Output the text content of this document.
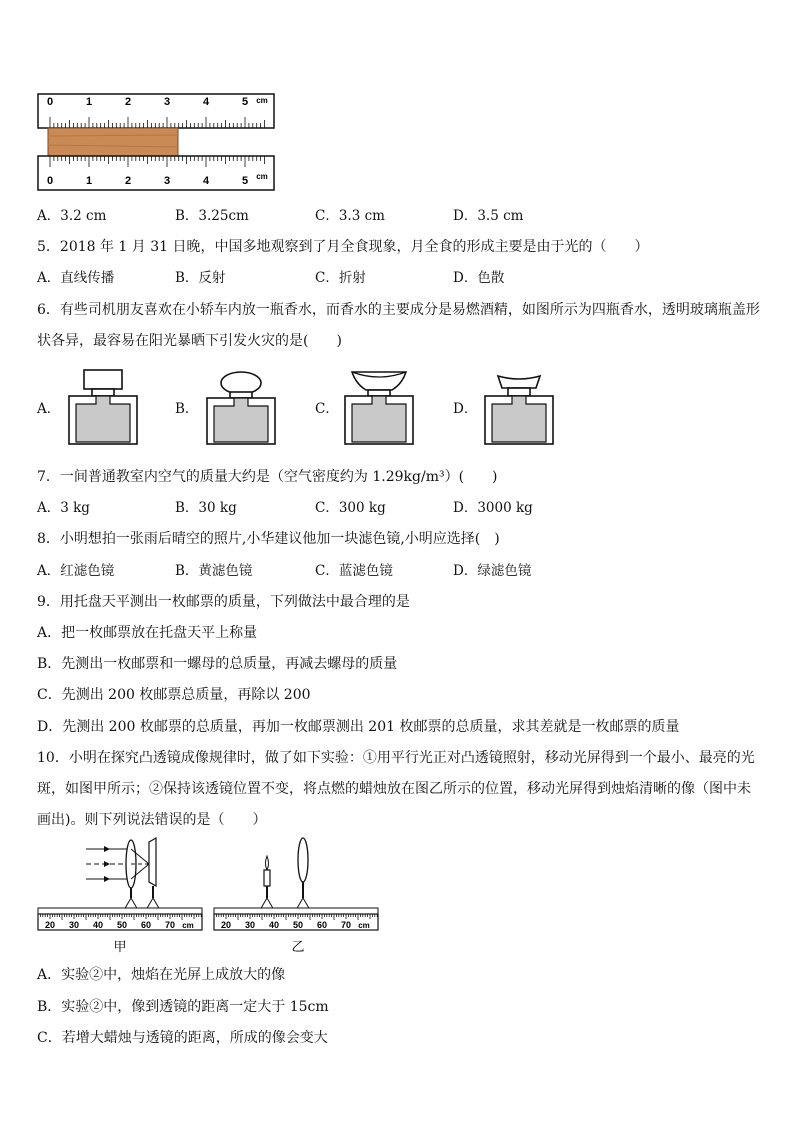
0	1	2	3	4	5 cm
0	1	2	3	4	5 cm
A．3.2 cm	B．3.25cm	C．3.3 cm	D．3.5 cm
5．2018 年 1 月 31 日晚，中国多地观察到了月全食现象，月全食的形成主要是由于光的（　　）
A．直线传播	B．反射	C．折射	D．色散
6．有些司机朋友喜欢在小轿车内放一瓶香水，而香水的主要成分是易燃酒精，如图所示为四瓶香水，透明玻璃瓶盖形
状各异，最容易在阳光暴晒下引发火灾的是(　　)
A．	B．	C．	D．
7．一间普通教室内空气的质量大约是（空气密度约为 1.29kg/m³）(　　)
A．3 kg	B．30 kg	C．300 kg	D．3000 kg
8．小明想拍一张雨后晴空的照片,小华建议他加一块滤色镜,小明应选择(　)
A．红滤色镜	B．黄滤色镜	C．蓝滤色镜	D．绿滤色镜
9．用托盘天平测出一枚邮票的质量，下列做法中最合理的是
A．把一枚邮票放在托盘天平上称量
B．先测出一枚邮票和一螺母的总质量，再减去螺母的质量
C．先测出 200 枚邮票总质量，再除以 200
D．先测出 200 枚邮票的总质量，再加一枚邮票测出 201 枚邮票的总质量，求其差就是一枚邮票的质量
10．小明在探究凸透镜成像规律时，做了如下实验：①用平行光正对凸透镜照射，移动光屏得到一个最小、最亮的光
斑，如图甲所示；②保持该透镜位置不变，将点燃的蜡烛放在图乙所示的位置，移动光屏得到烛焰清晰的像（图中未
画出)。则下列说法错误的是（　　）
20 30 40 50 60 70 cm
甲
20 30 40 50 60 70 cm
乙
A．实验②中，烛焰在光屏上成放大的像
B．实验②中，像到透镜的距离一定大于 15cm
C．若增大蜡烛与透镜的距离，所成的像会变大
